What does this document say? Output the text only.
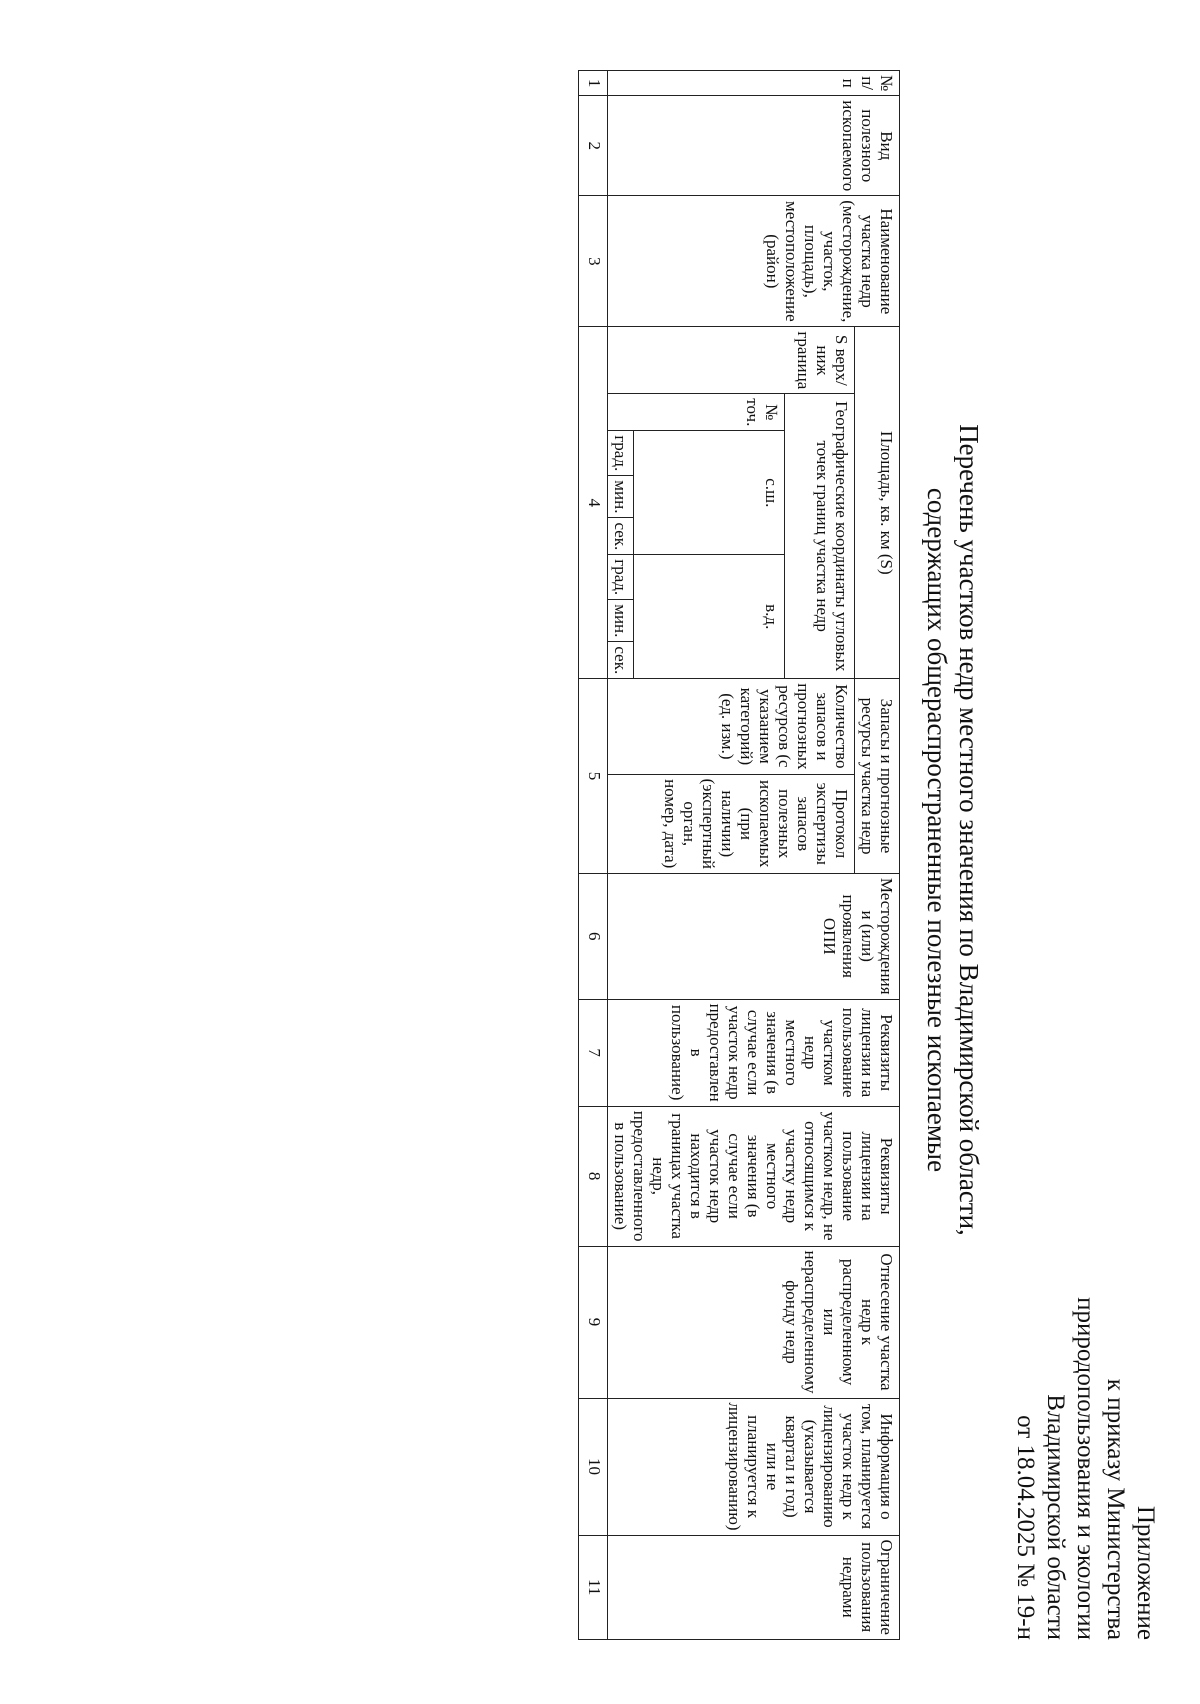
Приложение
к приказу Министерства
природопользования и экологии
Владимирской области
от 18.04.2025 № 19-н
Перечень участков недр местного значения по Владимирской области,
содержащих общераспространенные полезные ископаемые
№ п/п	Вид полезного ископаемого	Наименование участка недр (месторождение, участок, площадь), местоположение (район)	Площадь, кв. км (S)								Запасы и прогнозные ресурсы участка недр		Месторождения и (или) проявления ОПИ	Реквизиты лицензии на пользование участком недр местного значения (в случае если участок недр предоставлен в пользование)	Реквизиты лицензии на пользование участком недр, не относящимся к участку недр местного значения (в случае если участок недр находится в границах участка недр, предоставленного в пользование)	Отнесение участка недр к распределенному или нераспределенному фонду недр	Информация о том, планируется участок недр к лицензированию (указывается квартал и год) или не планируется к лицензированию)	Ограничение пользования недрами
			S верх/ниж граница	Географические координаты угловых точек границ участка недр							Количество запасов и прогнозных ресурсов (с указанием категорий) (ед. изм.)	Протокол экспертизы запасов полезных ископаемых (при наличии) (экспертный орган, номер, дата)						
				№ точ.	с.ш.			в.д.										
					град.	мин.	сек.	град.	мин.	сек.								
1	2	3	4								5		6	7	8	9	10	11
